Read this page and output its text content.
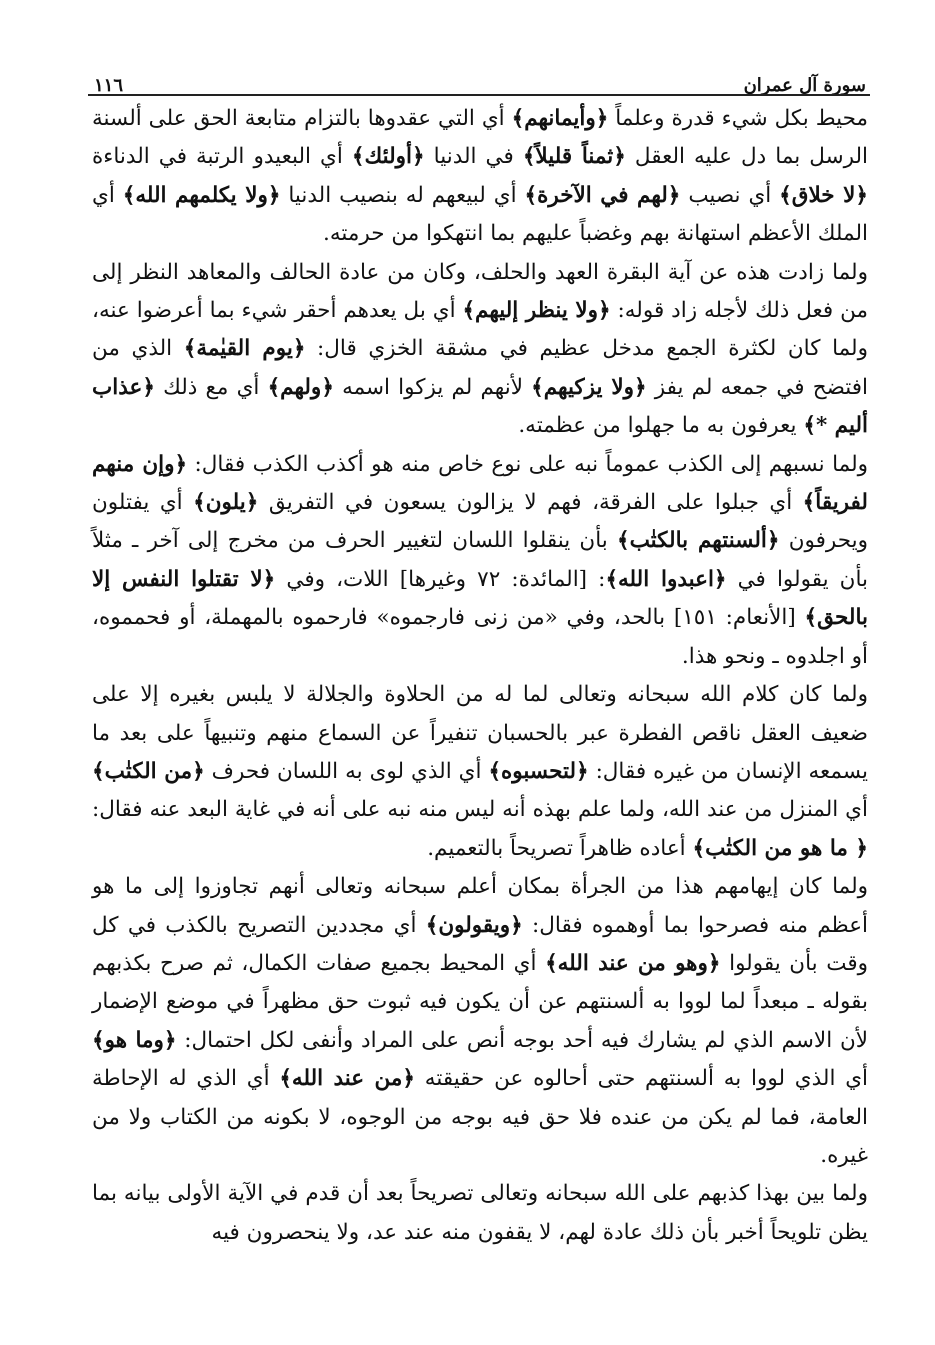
سورة آل عمران
١١٦

محيط بكل شيء قدرة وعلماً ﴿وأيمانهم﴾ أي التي عقدوها بالتزام متابعة الحق على ألسنة الرسل بما دل عليه العقل ﴿ثمناً قليلاً﴾ في الدنيا ﴿أولئك﴾ أي البعيدو الرتبة في الدناءة ﴿لا خلاق﴾ أي نصيب ﴿لهم في الآخرة﴾ أي لبيعهم له بنصيب الدنيا ﴿ولا يكلمهم الله﴾ أي الملك الأعظم استهانة بهم وغضباً عليهم بما انتهكوا من حرمته.

ولما زادت هذه عن آية البقرة العهد والحلف، وكان من عادة الحالف والمعاهد النظر إلى من فعل ذلك لأجله زاد قوله: ﴿ولا ينظر إليهم﴾ أي بل يعدهم أحقر شيء بما أعرضوا عنه، ولما كان لكثرة الجمع مدخل عظيم في مشقة الخزي قال: ﴿يوم القيٰمة﴾ الذي من افتضح في جمعه لم يفز ﴿ولا يزكيهم﴾ لأنهم لم يزكوا اسمه ﴿ولهم﴾ أي مع ذلك ﴿عذاب أليم *﴾ يعرفون به ما جهلوا من عظمته.

ولما نسبهم إلى الكذب عموماً نبه على نوع خاص منه هو أكذب الكذب فقال: ﴿وإن منهم لفريقاً﴾ أي جبلوا على الفرقة، فهم لا يزالون يسعون في التفريق ﴿يلون﴾ أي يفتلون ويحرفون ﴿ألسنتهم بالكتٰب﴾ بأن ينقلوا اللسان لتغيير الحرف من مخرج إلى آخر ـ مثلاً بأن يقولوا في ﴿اعبدوا الله﴾: [المائدة: ٧٢ وغيرها] اللات، وفي ﴿لا تقتلوا النفس إلا بالحق﴾ [الأنعام: ١٥١] بالحد، وفي «من زنى فارجموه» فارحموه بالمهملة، أو فحمموه، أو اجلدوه ـ ونحو هذا.

ولما كان كلام الله سبحانه وتعالى لما له من الحلاوة والجلالة لا يلبس بغيره إلا على ضعيف العقل ناقص الفطرة عبر بالحسبان تنفيراً عن السماع منهم وتنبيهاً على بعد ما يسمعه الإنسان من غيره فقال: ﴿لتحسبوه﴾ أي الذي لوى به اللسان فحرف ﴿من الكتٰب﴾ أي المنزل من عند الله، ولما علم بهذه أنه ليس منه نبه على أنه في غاية البعد عنه فقال: ﴿ ما هو من الكتٰب﴾ أعاده ظاهراً تصريحاً بالتعميم.

ولما كان إيهامهم هذا من الجرأة بمكان أعلم سبحانه وتعالى أنهم تجاوزوا إلى ما هو أعظم منه فصرحوا بما أوهموه فقال: ﴿ويقولون﴾ أي مجددين التصريح بالكذب في كل وقت بأن يقولوا ﴿وهو من عند الله﴾ أي المحيط بجميع صفات الكمال، ثم صرح بكذبهم بقوله ـ مبعداً لما لووا به ألسنتهم عن أن يكون فيه ثبوت حق مظهراً في موضع الإضمار لأن الاسم الذي لم يشارك فيه أحد بوجه أنص على المراد وأنفى لكل احتمال: ﴿وما هو﴾ أي الذي لووا به ألسنتهم حتى أحالوه عن حقيقته ﴿من عند الله﴾ أي الذي له الإحاطة العامة، فما لم يكن من عنده فلا حق فيه بوجه من الوجوه، لا بكونه من الكتاب ولا من غيره.

ولما بين بهذا كذبهم على الله سبحانه وتعالى تصريحاً بعد أن قدم في الآية الأولى بيانه بما يظن تلويحاً أخبر بأن ذلك عادة لهم، لا يقفون منه عند عد، ولا ينحصرون فيه
